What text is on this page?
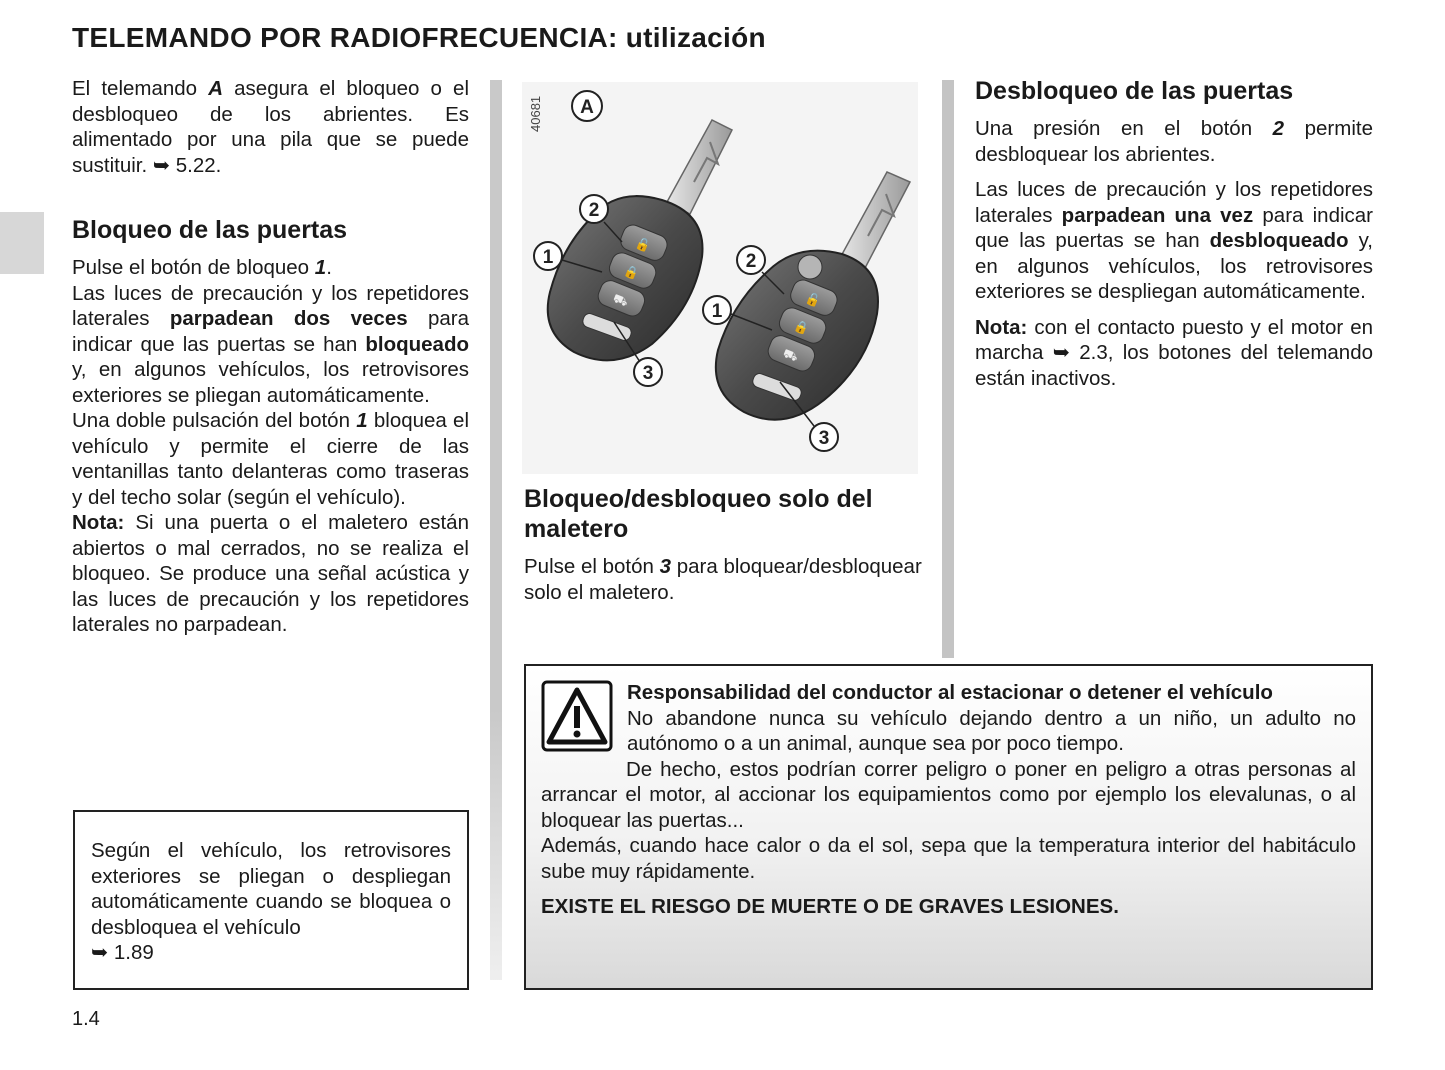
TELEMANDO POR RADIOFRECUENCIA: utilización

El telemando A asegura el bloqueo o el desbloqueo de los abrientes. Es alimentado por una pila que se puede sustituir. ➥ 5.22.

Bloqueo de las puertas

Pulse el botón de bloqueo 1.

Las luces de precaución y los repetidores laterales parpadean dos veces para indicar que las puertas se han bloqueado y, en algunos vehículos, los retrovisores exteriores se pliegan automáticamente.

Una doble pulsación del botón 1 bloquea el vehículo y permite el cierre de las ventanillas tanto delanteras como traseras y del techo solar (según el vehículo).

Nota: Si una puerta o el maletero están abiertos o mal cerrados, no se realiza el bloqueo. Se produce una señal acústica y las luces de precaución y los repetidores laterales no parpadean.

Según el vehículo, los retrovisores exteriores se pliegan o despliegan automáticamente cuando se bloquea o desbloquea el vehículo
➥ 1.89
🔓
🔒
⛟	🔓
🔒
⛟
A
2
1
3
2
1
3
40681
Bloqueo/desbloqueo solo del maletero

Pulse el botón 3 para bloquear/desbloquear solo el maletero.

Desbloqueo de las puertas

Una presión en el botón 2 permite desbloquear los abrientes.

Las luces de precaución y los repetidores laterales parpadean una vez para indicar que las puertas se han desbloqueado y, en algunos vehículos, los retrovisores exteriores se despliegan automáticamente.

Nota: con el contacto puesto y el motor en marcha ➥ 2.3, los botones del telemando están inactivos.

Responsabilidad del conductor al estacionar o detener el vehículo
No abandone nunca su vehículo dejando dentro a un niño, un adulto no autónomo o a un animal, aunque sea por poco tiempo.
De hecho, estos podrían correr peligro o poner en peligro a otras personas al arrancar el motor, al accionar los equipamientos como por ejemplo los elevalunas, o al bloquear las puertas...
Además, cuando hace calor o da el sol, sepa que la temperatura interior del habitáculo sube muy rápidamente.
EXISTE EL RIESGO DE MUERTE O DE GRAVES LESIONES.
1.4
